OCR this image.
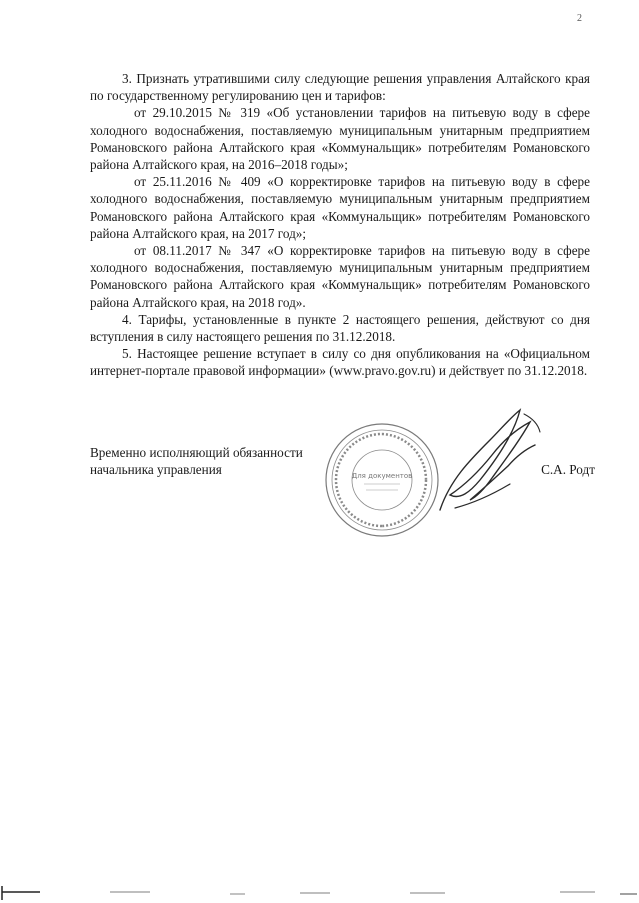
2

3. Признать утратившими силу следующие решения управления Алтайского края по государственному регулированию цен и тарифов:

от 29.10.2015 № 319 «Об установлении тарифов на питьевую воду в сфере холодного водоснабжения, поставляемую муниципальным унитарным предприятием Романовского района Алтайского края «Коммунальщик» потребителям Романовского района Алтайского края, на 2016–2018 годы»;

от 25.11.2016 № 409 «О корректировке тарифов на питьевую воду в сфере холодного водоснабжения, поставляемую муниципальным унитарным предприятием Романовского района Алтайского края «Коммунальщик» потребителям Романовского района Алтайского края, на 2017 год»;

от 08.11.2017 № 347 «О корректировке тарифов на питьевую воду в сфере холодного водоснабжения, поставляемую муниципальным унитарным предприятием Романовского района Алтайского края «Коммунальщик» потребителям Романовского района Алтайского края, на 2018 год».

4. Тарифы, установленные в пункте 2 настоящего решения, действуют со дня вступления в силу настоящего решения по 31.12.2018.

5. Настоящее решение вступает в силу со дня опубликования на «Официальном интернет-портале правовой информации» (www.pravo.gov.ru) и действует по 31.12.2018.

Временно исполняющий обязанности
начальника управления	С.А. Родт
Для документов
